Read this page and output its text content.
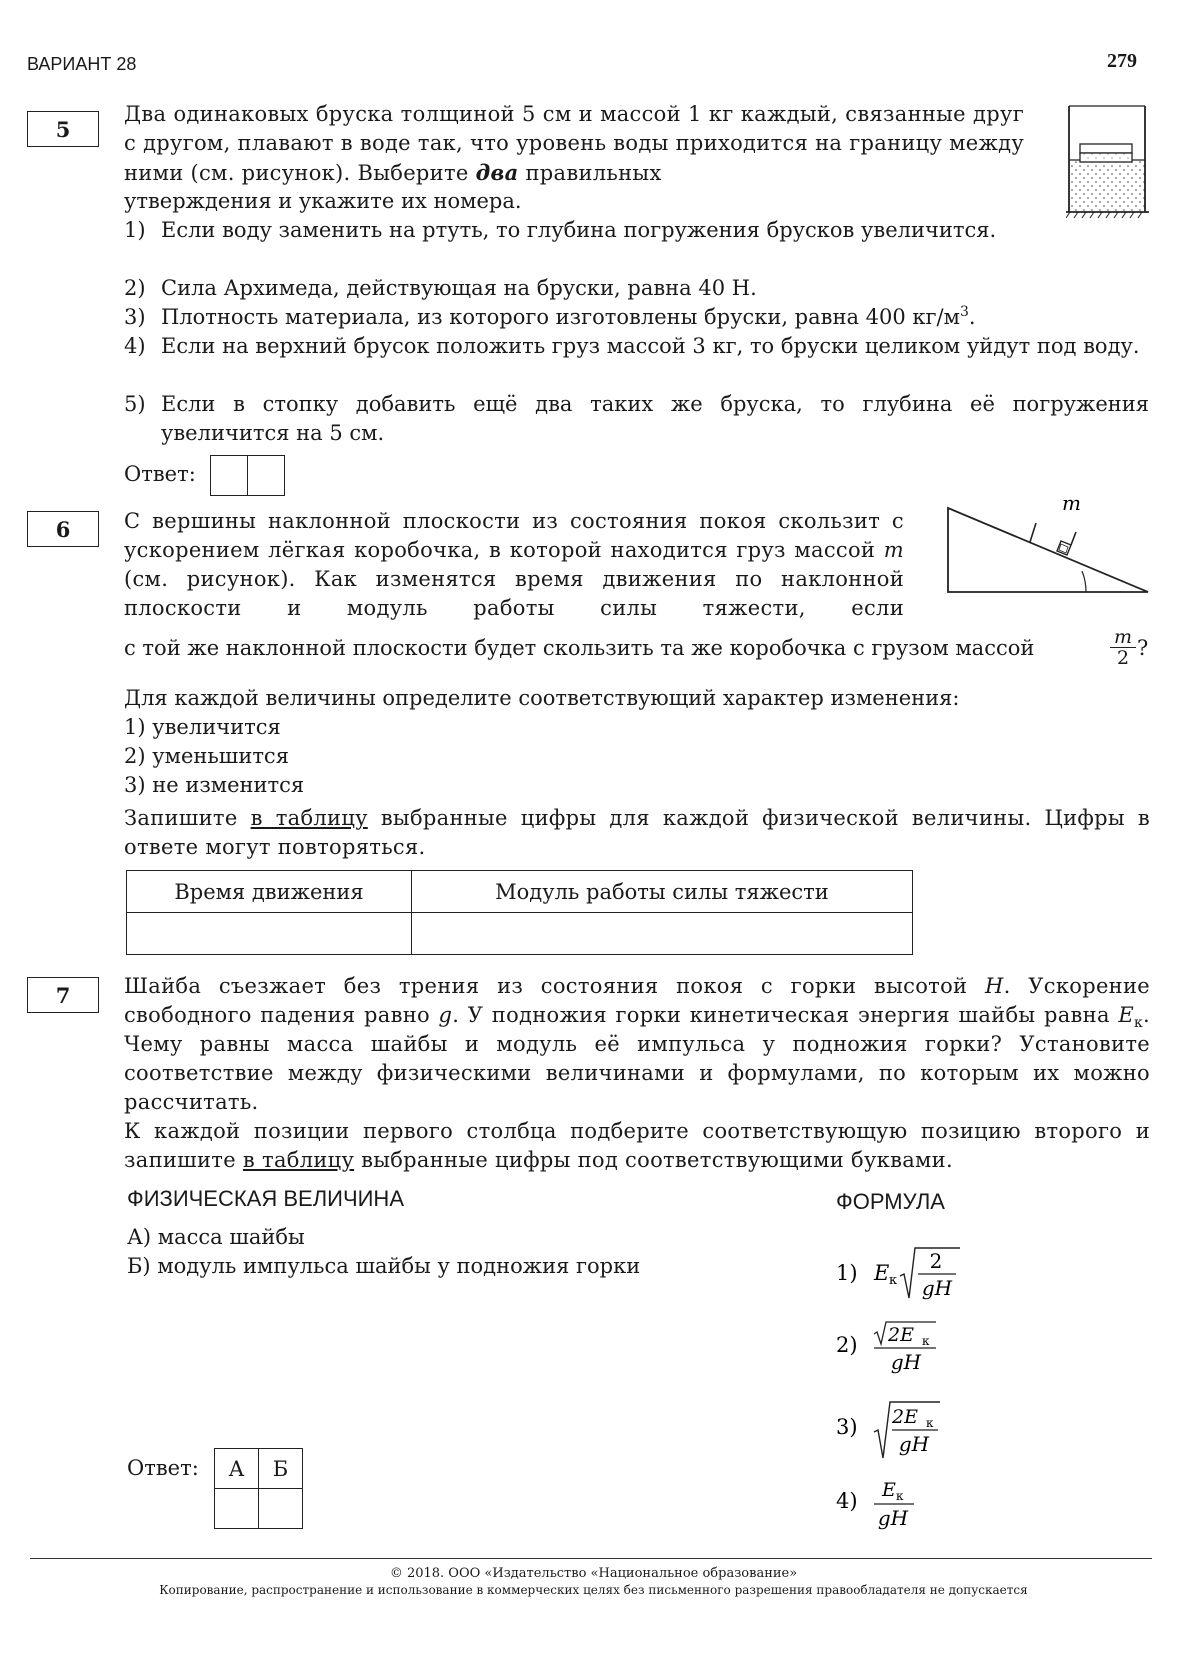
ВАРИАНТ 28	279
5
Два одинаковых бруска толщиной 5 см и массой 1 кг каждый, связанные друг с другом, плавают в воде так, что уровень воды приходится на границу между ними (см. рисунок). Выберите два правильных
утверждения и укажите их номера.
1) Если воду заменить на ртуть, то глубина погружения брусков увеличится.
2) Сила Архимеда, действующая на бруски, равна 40 Н.
3) Плотность материала, из которого изготовлены бруски, равна 400 $кг/м^3$.
4) Если на верхний брусок положить груз массой 3 кг, то бруски целиком уйдут под воду.
5) Если в стопку добавить ещё два таких же бруска, то глубина её погружения увеличится на 5 см.
Ответ:
6	С вершины наклонной плоскости из состояния покоя скользит с ускорением лёгкая коробочка, в которой находится груз массой m (см. рисунок). Как изменятся время движения по наклонной плоскости и модуль работы силы тяжести, если
m
с той же наклонной плоскости будет скользить та же коробочка с грузом массой	m
2 ?
Для каждой величины определите соответствующий характер изменения:
1) увеличится
2) уменьшится
3) не изменится
Запишите в таблицу выбранные цифры для каждой физической величины. Цифры в ответе могут повторяться.
Время движения	Модуль работы силы тяжести

7	Шайба съезжает без трения из состояния покоя с горки высотой H. Ускорение свободного падения равно g. У подножия горки кинетическая энергия шайбы равна $E_к$. Чему равны масса шайбы и модуль её импульса у подножия горки? Установите соответствие между физическими величинами и формулами, по которым их можно рассчитать.
К каждой позиции первого столбца подберите соответствующую позицию второго и запишите в таблицу выбранные цифры под соответствующими буквами.
ФИЗИЧЕСКАЯ ВЕЛИЧИНА	ФОРМУЛА
А) масса шайбы
Б) модуль импульса шайбы у подножия горки	1) E к
2
gH
2) 2E к
gH
3) 2E к
gH
4) E к
gH
Ответ: А	Б

© 2018. ООО «Издательство «Национальное образование»
Копирование, распространение и использование в коммерческих целях без письменного разрешения правообладателя не допускается
